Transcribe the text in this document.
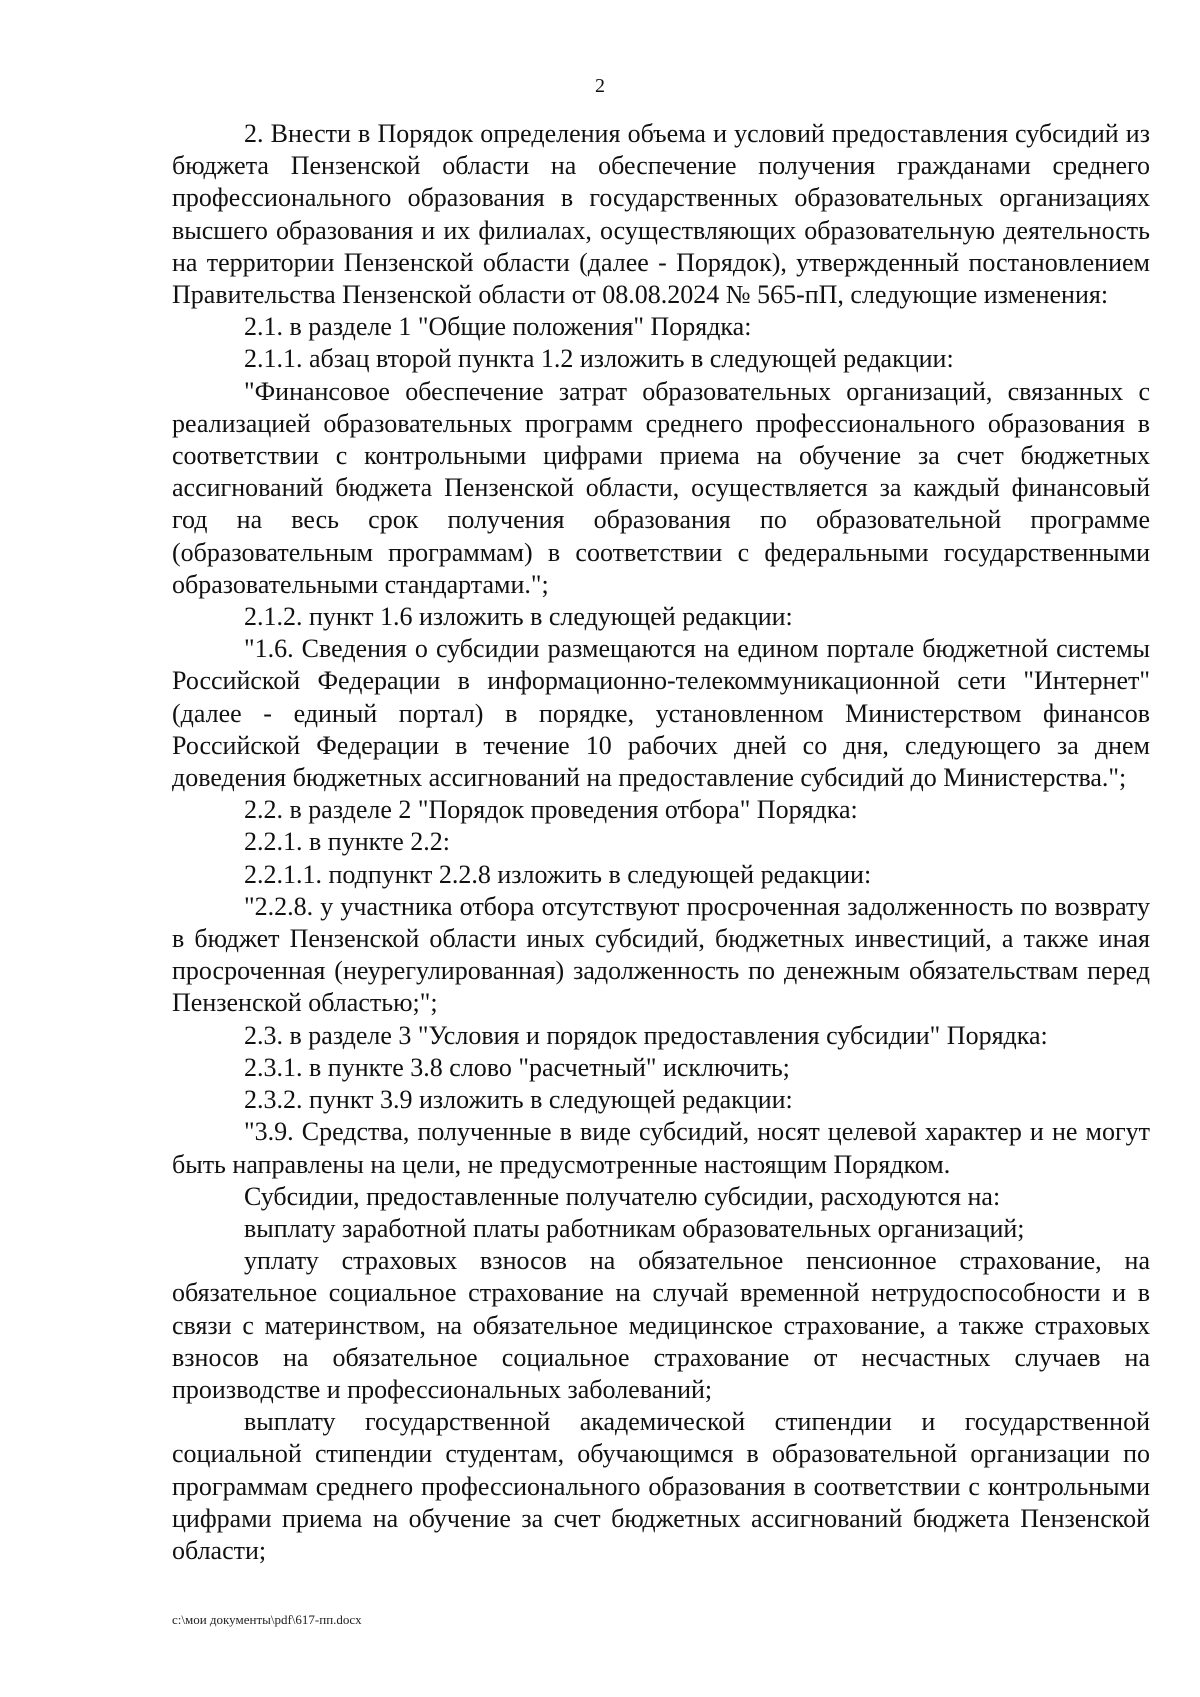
2

2. Внести в Порядок определения объема и условий предоставления субсидий из бюджета Пензенской области на обеспечение получения гражданами среднего профессионального образования в государственных образовательных организациях высшего образования и их филиалах, осуществляющих образовательную деятельность на территории Пензенской области (далее - Порядок), утвержденный постановлением Правительства Пензенской области от 08.08.2024 № 565-пП, следующие изменения:

2.1. в разделе 1 "Общие положения" Порядка:

2.1.1. абзац второй пункта 1.2 изложить в следующей редакции:

"Финансовое обеспечение затрат образовательных организаций, связанных с реализацией образовательных программ среднего профессионального образования в соответствии с контрольными цифрами приема на обучение за счет бюджетных ассигнований бюджета Пензенской области, осуществляется за каждый финансовый год на весь срок получения образования по образовательной программе (образовательным программам) в соответствии с федеральными государственными образовательными стандартами.";

2.1.2. пункт 1.6 изложить в следующей редакции:

"1.6. Сведения о субсидии размещаются на едином портале бюджетной системы Российской Федерации в информационно-телекоммуникационной сети "Интернет" (далее - единый портал) в порядке, установленном Министерством финансов Российской Федерации в течение 10 рабочих дней со дня, следующего за днем доведения бюджетных ассигнований на предоставление субсидий до Министерства.";

2.2. в разделе 2 "Порядок проведения отбора" Порядка:

2.2.1. в пункте 2.2:

2.2.1.1. подпункт 2.2.8 изложить в следующей редакции:

"2.2.8. у участника отбора отсутствуют просроченная задолженность по возврату в бюджет Пензенской области иных субсидий, бюджетных инвестиций, а также иная просроченная (неурегулированная) задолженность по денежным обязательствам перед Пензенской областью;";

2.3. в разделе 3 "Условия и порядок предоставления субсидии" Порядка:

2.3.1. в пункте 3.8 слово "расчетный" исключить;

2.3.2. пункт 3.9 изложить в следующей редакции:

"3.9. Средства, полученные в виде субсидий, носят целевой характер и не могут быть направлены на цели, не предусмотренные настоящим Порядком.

Субсидии, предоставленные получателю субсидии, расходуются на:

выплату заработной платы работникам образовательных организаций;

уплату страховых взносов на обязательное пенсионное страхование, на обязательное социальное страхование на случай временной нетрудоспособности и в связи с материнством, на обязательное медицинское страхование, а также страховых взносов на обязательное социальное страхование от несчастных случаев на производстве и профессиональных заболеваний;

выплату государственной академической стипендии и государственной социальной стипендии студентам, обучающимся в образовательной организации по программам среднего профессионального образования в соответствии с контрольными цифрами приема на обучение за счет бюджетных ассигнований бюджета Пензенской области;

c:\мои документы\pdf\617-пп.docx
